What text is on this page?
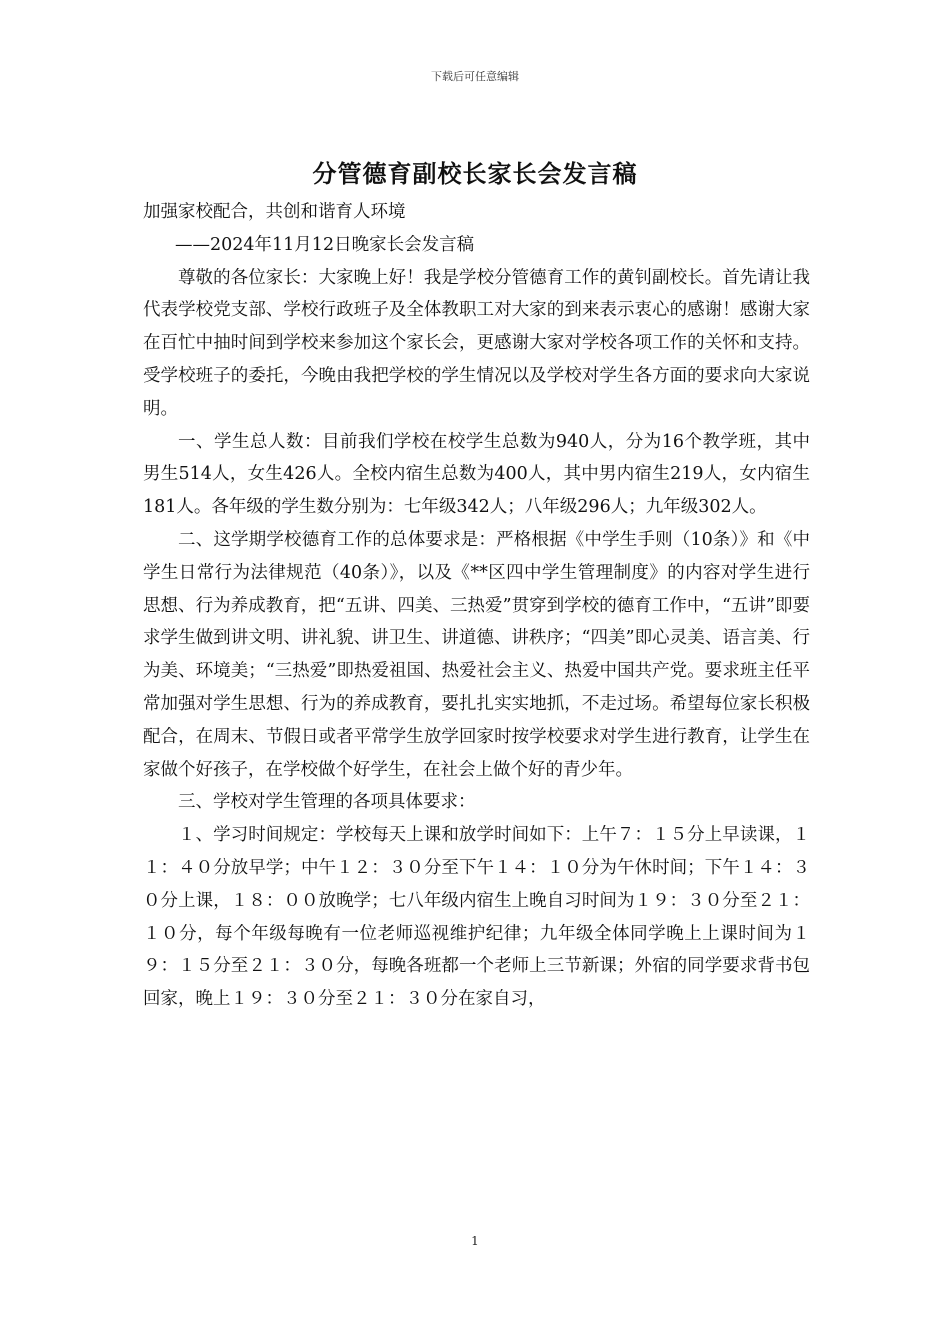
下载后可任意编辑
分管德育副校长家长会发言稿

加强家校配合，共创和谐育人环境

——2024年11月12日晚家长会发言稿

尊敬的各位家长：大家晚上好！我是学校分管德育工作的黄钊副校长。首先请让我代表学校党支部、学校行政班子及全体教职工对大家的到来表示衷心的感谢！感谢大家在百忙中抽时间到学校来参加这个家长会，更感谢大家对学校各项工作的关怀和支持。受学校班子的委托，今晚由我把学校的学生情况以及学校对学生各方面的要求向大家说明。

一、学生总人数：目前我们学校在校学生总数为940人，分为16个教学班，其中男生514人，女生426人。全校内宿生总数为400人，其中男内宿生219人，女内宿生181人。各年级的学生数分别为：七年级342人；八年级296人；九年级302人。

二、这学期学校德育工作的总体要求是：严格根据《中学生手则（10条）》和《中学生日常行为法律规范（40条）》，以及《**区四中学生管理制度》的内容对学生进行思想、行为养成教育，把“五讲、四美、三热爱”贯穿到学校的德育工作中，“五讲”即要求学生做到讲文明、讲礼貌、讲卫生、讲道德、讲秩序；“四美”即心灵美、语言美、行为美、环境美；“三热爱”即热爱祖国、热爱社会主义、热爱中国共产党。要求班主任平常加强对学生思想、行为的养成教育，要扎扎实实地抓，不走过场。希望每位家长积极配合，在周末、节假日或者平常学生放学回家时按学校要求对学生进行教育，让学生在家做个好孩子，在学校做个好学生，在社会上做个好的青少年。

三、学校对学生管理的各项具体要求：

１、学习时间规定：学校每天上课和放学时间如下：上午７：１５分上早读课，１１：４０分放早学；中午１２：３０分至下午１４：１０分为午休时间；下午１４：３０分上课，１８：００放晚学；七八年级内宿生上晚自习时间为１９：３０分至２１：１０分，每个年级每晚有一位老师巡视维护纪律；九年级全体同学晚上上课时间为１９：１５分至２１：３０分，每晚各班都一个老师上三节新课；外宿的同学要求背书包回家，晚上１９：３０分至２１：３０分在家自习，

1
